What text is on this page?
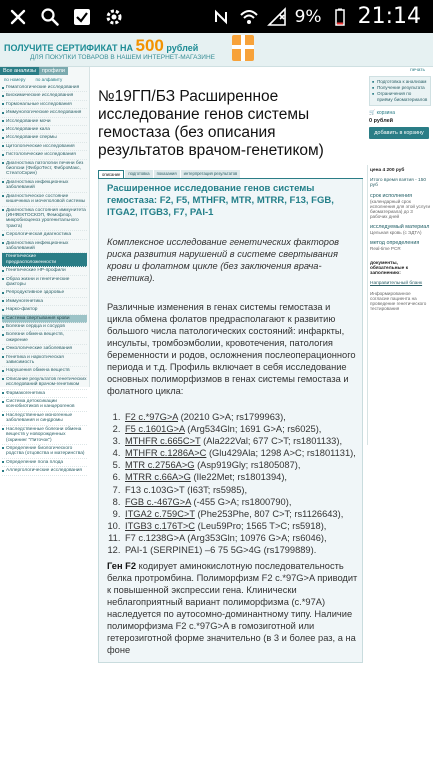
9% 21:14
ПОЛУЧИТЕ СЕРТИФИКАТ НА 500 рублей
ДЛЯ ПОКУПКИ ТОВАРОВ В НАШЕМ ИНТЕРНЕТ-МАГАЗИНЕ
Все анализы	профили
по номеру по алфавиту
Гематологические исследования
Биохимические исследования
Гормональные исследования
Иммунологические исследования
Исследование мочи
Исследование кала
Исследование спермы
Цитологические исследования
Гистологические исследования
Диагностика патологии печени без биопсии (ФиброТест, ФиброМакс, СтеатоСкрин)
Диагностика инфекционных заболеваний
Диагностическое состояние кишечника и мочеполовой системы
Диагностика состояния иммунитета (ИНФЕКТОСКОП, Фемофлор, микробиоценоз урогенитального тракта)
Серологическая диагностика
Диагностика инфекционных заболеваний
Генетические предрасположенности
Генетические HP-профили
Образ жизни и генетические факторы
Репродуктивное здоровье
Иммуногенетика
Нарко-фактор
Система свертывания крови
Болезни сердца и сосудов
Болезни обмена веществ, ожирение
Онкологические заболевания
Генетика и наркотическая зависимость
Нарушения обмена веществ
Описание результатов генетических исследований врачом-генетиком
Фармакогенетика
Система детоксикации ксенобиотиков и канцерогенов
Наследственные моногенные заболевания и синдромы
Наследственные болезни обмена веществ у новорожденных (скрининг "Питочок")
Определение биологического родства (отцовства и материнства)
Определение пола плода
Аллергологические исследования
№19ГП/БЗ Расширенное исследование генов системы гемостаза (без описания результатов врачом-генетиком)
описание	подготовка	показания	интерпретация результатов
Расширенное исследование генов системы гемостаза: F2, F5, MTHFR, MTR, MTRR, F13, FGB, ITGA2, ITGB3, F7, PAI-1
Комплексное исследование генетических факторов риска развития нарушений в системе свертывания крови и фолатном цикле (без заключения врача-генетика).
Различные изменения в генах системы гемостаза и цикла обмена фолатов предрасполагают к развитию большого числа патологических состояний: инфаркты, инсульты, тромбоэмболии, кровотечения, патология беременности и родов, осложнения послеоперационного периода и т.д. Профиль включает в себя исследование основных полиморфизмов в генах системы гемостаза и фолатного цикла:
1. F2 c.*97G>A (20210 G>A; rs1799963),
2. F5 c.1601G>A (Arg534Gln; 1691 G>A; rs6025),
3. MTHFR c.665C>T (Ala222Val; 677 C>T; rs1801133),
4. MTHFR c.1286A>C (Glu429Ala; 1298 A>C; rs1801131),
5. MTR c.2756A>G (Asp919Gly; rs1805087),
6. MTRR c.66A>G (Ile22Met; rs1801394),
7. F13 c.103G>T (I63T; rs5985),
8. FGB c.-467G>A (-455 G>A; rs1800790),
9. ITGA2 c.759C>T (Phe253Phe, 807 C>T; rs1126643),
10. ITGB3 c.176T>C (Leu59Pro; 1565 T>C; rs5918),
11. F7 c.1238G>A (Arg353Gln; 10976 G>A; rs6046),
12. PAI-1 (SERPINE1) –6 75 5G>4G (rs1799889).
Ген F2 кодирует аминокислотную последовательность белка протромбина. Полиморфизм F2 c.*97G>A приводит к повышенной экспрессии гена. Клинически неблагоприятный вариант полиморфизма (c.*97A) наследуется по аутосомно-доминантному типу. Наличие полиморфизма F2 c.*97G>A в гомозиготной или гетерозиготной форме значительно (в 3 и более раз, а на фоне
печать
■ Подготовка к анализам
■ Получение результата
■ Ограничения по приёму биоматериалов
🛒 корзина
0 рублей
добавить в корзину
цена 4 200 руб
Итого время взятия - 150 руб
срок исполнения
(календарный срок исполнения для этой услуги биоматериала) до 3 рабочих дней
исследуемый материал
Цельная кровь (с ЭДТА)
метод определения
Real-time PCR
документы, обязательные к заполнению:
Направительный бланк
Информированное согласие пациента на проведение генетического тестирования
